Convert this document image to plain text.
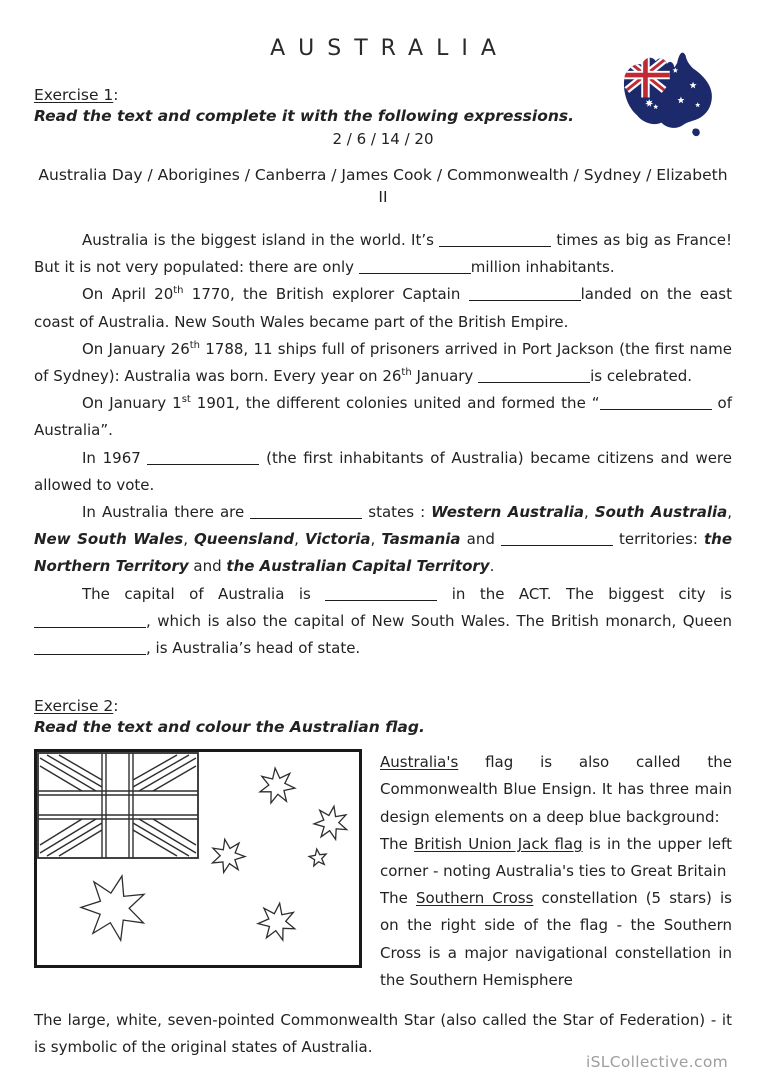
AUSTRALIA
Exercise 1:
Read the text and complete it with the following expressions.
2 / 6 / 14 / 20
Australia Day / Aborigines / Canberra / James Cook / Commonwealth / Sydney / Elizabeth II

Australia is the biggest island in the world. It’s	times as big as France! But it is not very populated: there are only	million inhabitants.

On April 20th 1770, the British explorer Captain	landed on the east coast of Australia. New South Wales became part of the British Empire.

On January 26th 1788, 11 ships full of prisoners arrived in Port Jackson (the first name of Sydney): Australia was born. Every year on 26th January	is celebrated.

On January 1st 1901, the different colonies united and formed the “	of Australia”.

In 1967	(the first inhabitants of Australia) became citizens and were allowed to vote.

In Australia there are	states : Western Australia, South Australia, New South Wales, Queensland, Victoria, Tasmania and	territories: the Northern Territory and the Australian Capital Territory.

The capital of Australia is	in the ACT. The biggest city is , which is also the capital of New South Wales. The British monarch, Queen , is Australia’s head of state.

Exercise 2:
Read the text and colour the Australian flag.

Australia's flag is also called the Commonwealth Blue Ensign. It has three main design elements on a deep blue background:

The British Union Jack flag is in the upper left corner - noting Australia's ties to Great Britain

The Southern Cross constellation (5 stars) is on the right side of the flag - the Southern Cross is a major navigational constellation in the Southern Hemisphere

The large, white, seven-pointed Commonwealth Star (also called the Star of Federation) - it is symbolic of the original states of Australia.

iSLCollective.com
